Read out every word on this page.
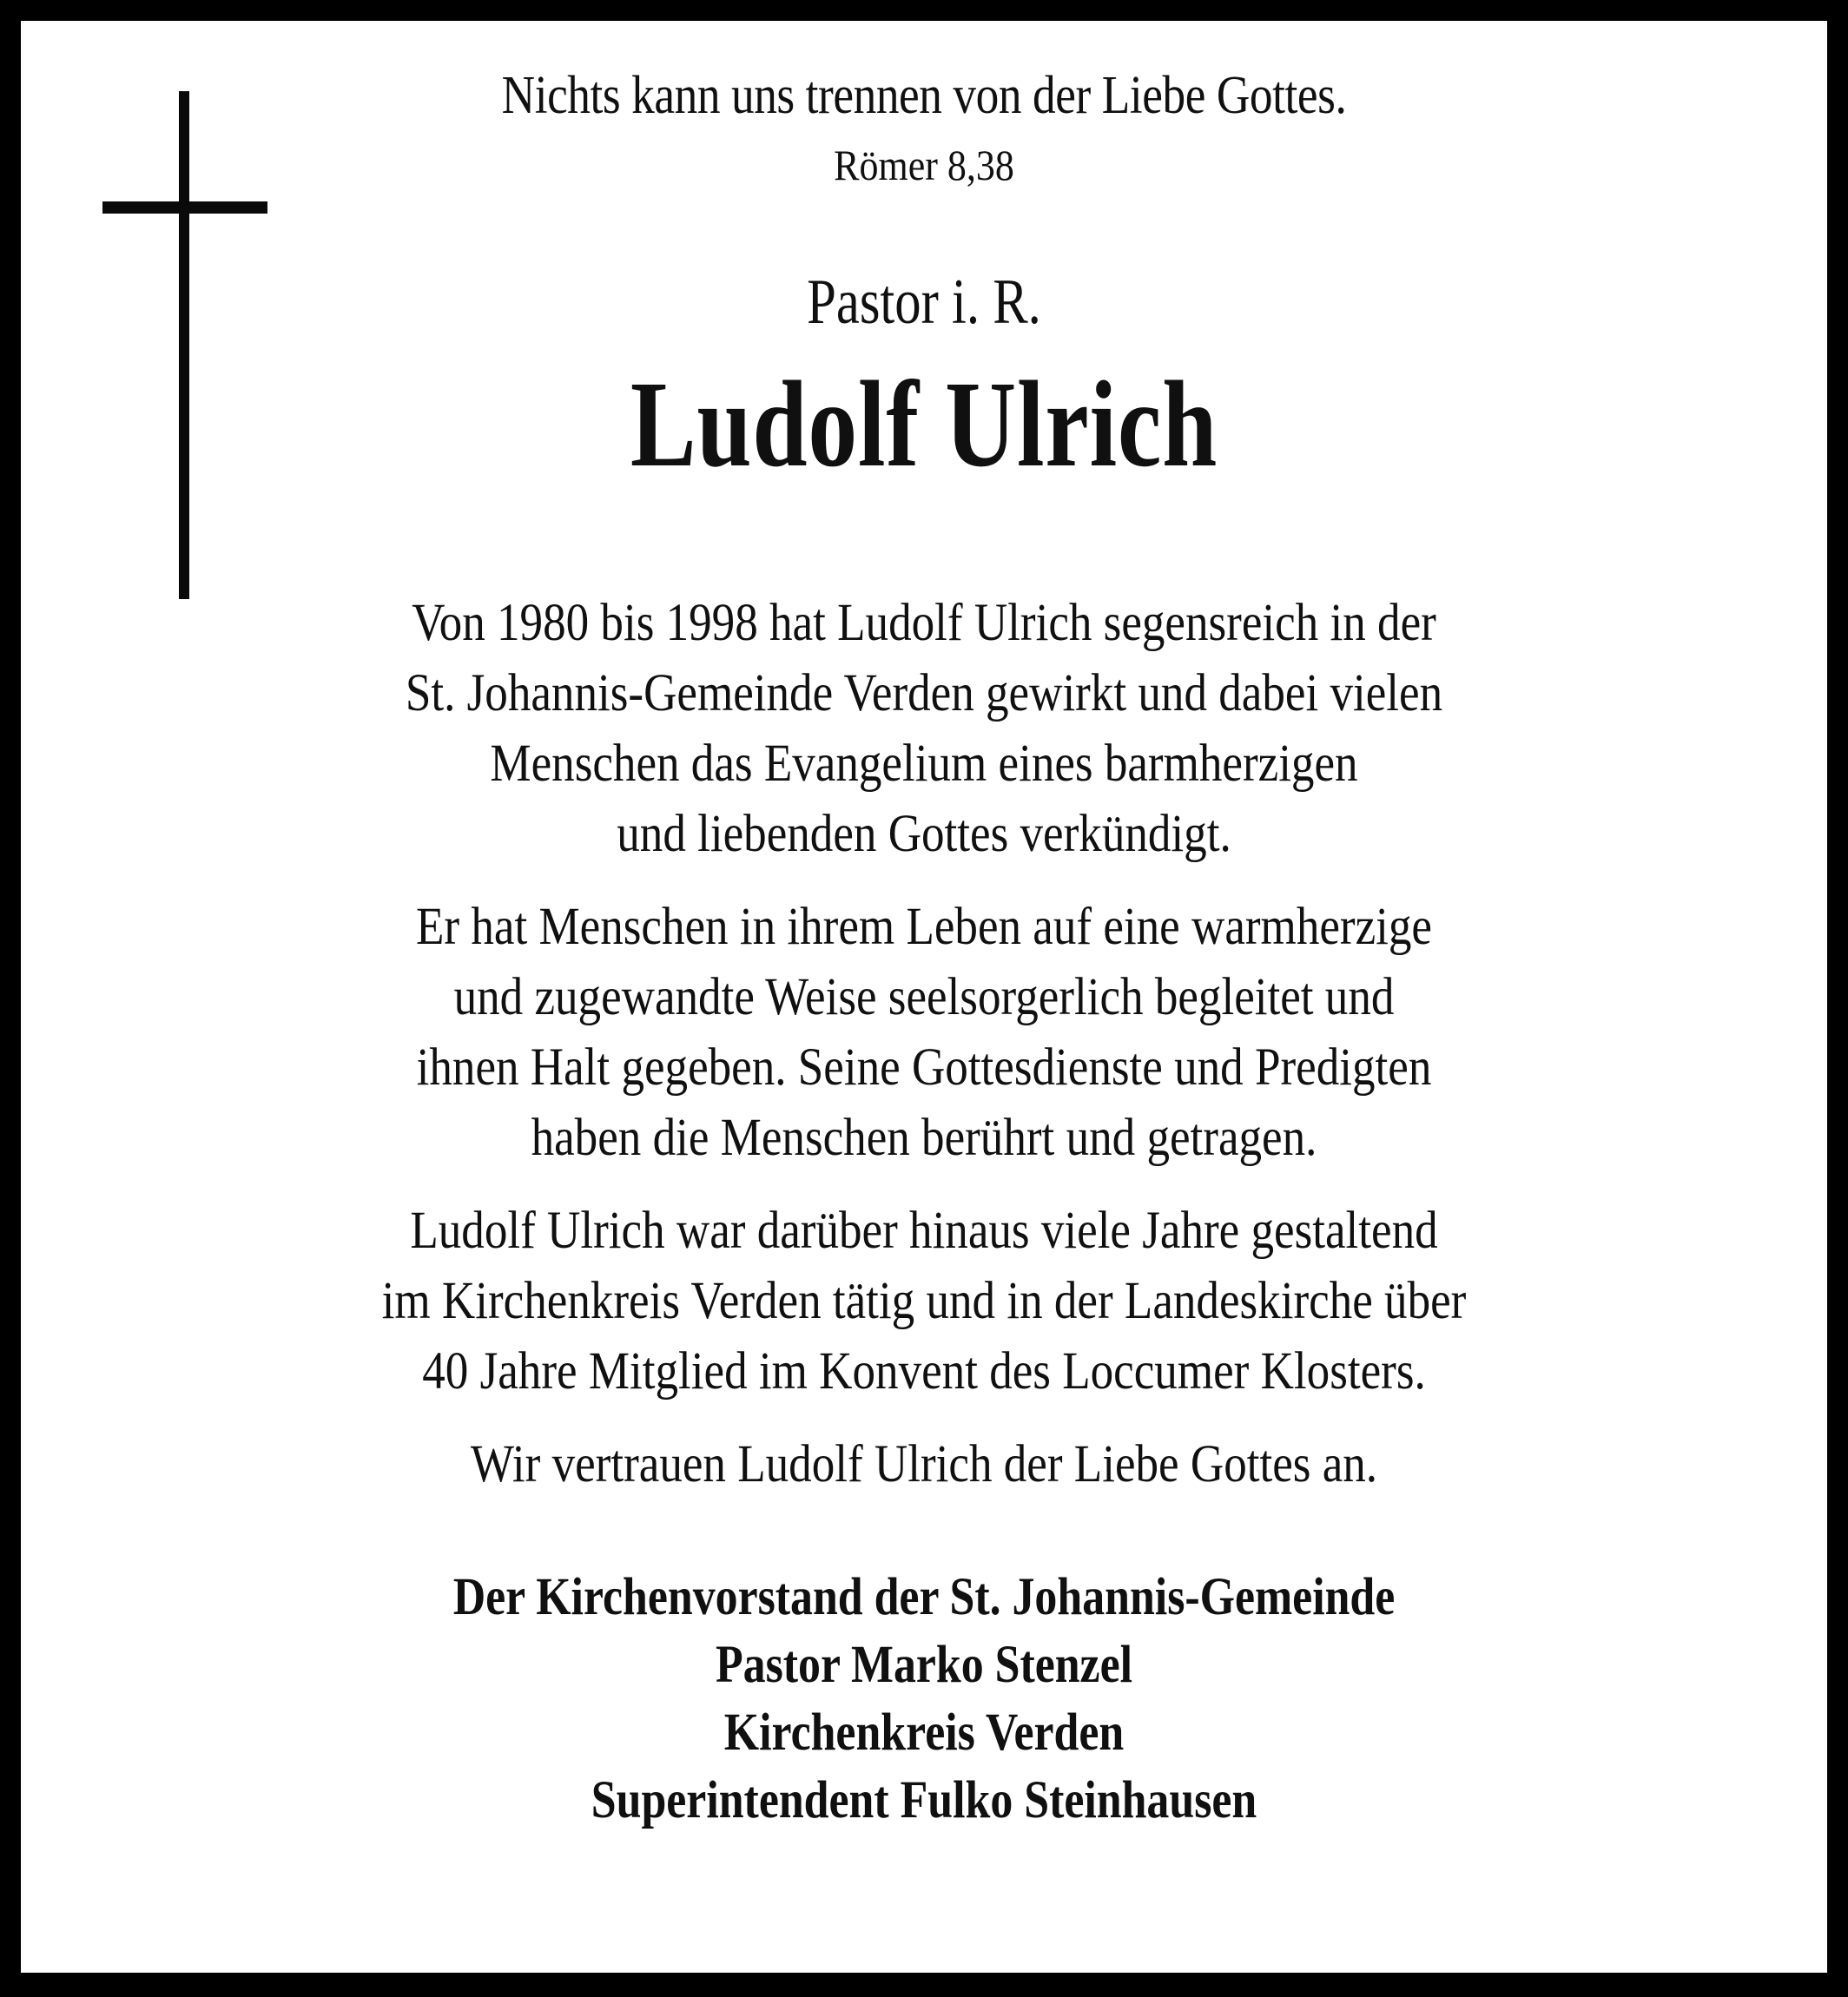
Nichts kann uns trennen von der Liebe Gottes.
Römer 8,38
Pastor i. R.
Ludolf Ulrich
Von 1980 bis 1998 hat Ludolf Ulrich segensreich in der
St. Johannis-Gemeinde Verden gewirkt und dabei vielen
Menschen das Evangelium eines barmherzigen
und liebenden Gottes verkündigt.
Er hat Menschen in ihrem Leben auf eine warmherzige
und zugewandte Weise seelsorgerlich begleitet und
ihnen Halt gegeben. Seine Gottesdienste und Predigten
haben die Menschen berührt und getragen.
Ludolf Ulrich war darüber hinaus viele Jahre gestaltend
im Kirchenkreis Verden tätig und in der Landeskirche über
40 Jahre Mitglied im Konvent des Loccumer Klosters.
Wir vertrauen Ludolf Ulrich der Liebe Gottes an.
Der Kirchenvorstand der St. Johannis-Gemeinde
Pastor Marko Stenzel
Kirchenkreis Verden
Superintendent Fulko Steinhausen
